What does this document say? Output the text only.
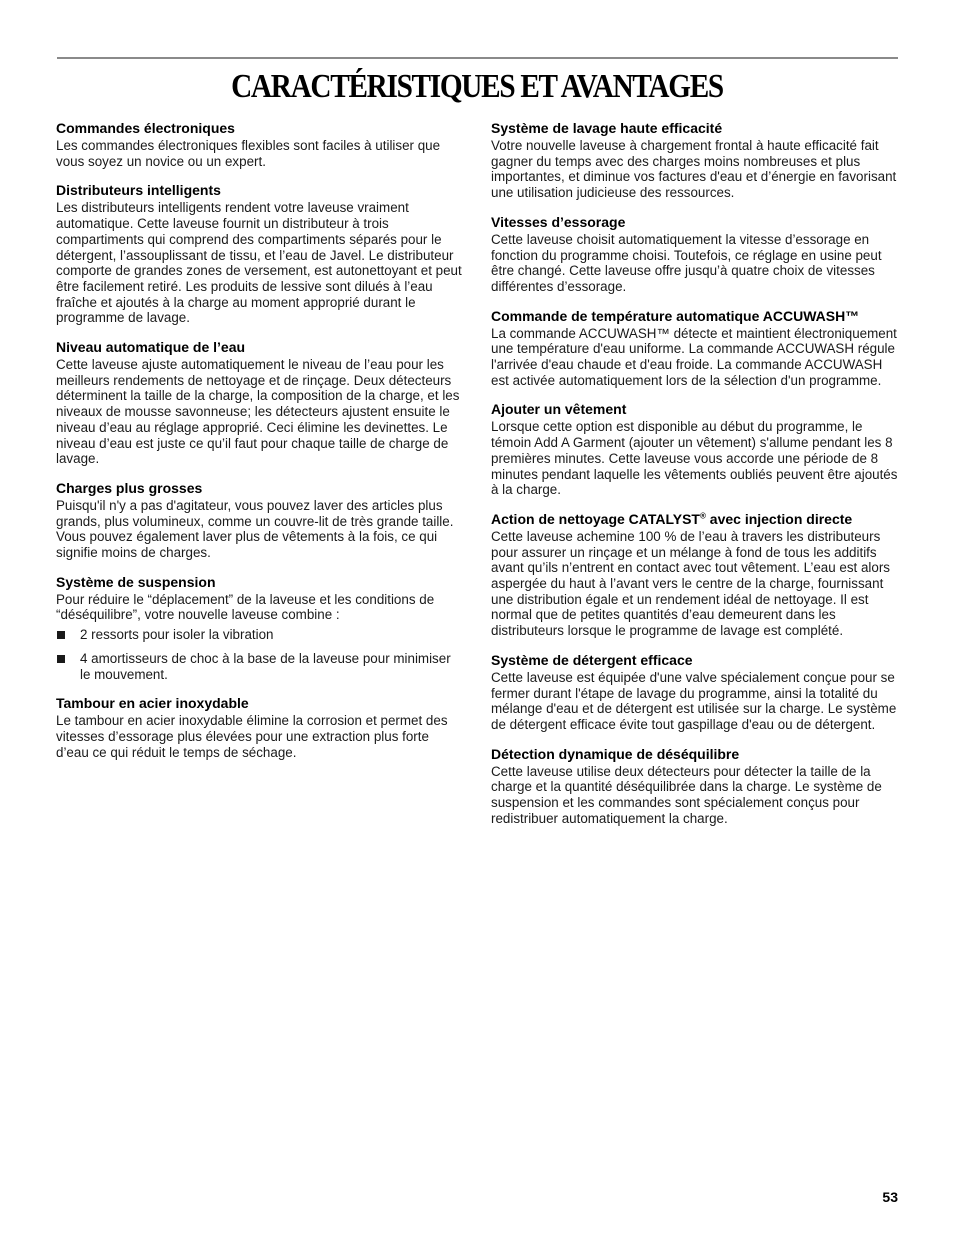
CARACTÉRISTIQUES ET AVANTAGES
Commandes électroniques

Les commandes électroniques flexibles sont faciles à utiliser que vous soyez un novice ou un expert.

Distributeurs intelligents

Les distributeurs intelligents rendent votre laveuse vraiment automatique. Cette laveuse fournit un distributeur à trois compartiments qui comprend des compartiments séparés pour le détergent, l’assouplissant de tissu, et l’eau de Javel. Le distributeur comporte de grandes zones de versement, est autonettoyant et peut être facilement retiré. Les produits de lessive sont dilués à l’eau fraîche et ajoutés à la charge au moment approprié durant le programme de lavage.

Niveau automatique de l’eau

Cette laveuse ajuste automatiquement le niveau de l’eau pour les meilleurs rendements de nettoyage et de rinçage. Deux détecteurs déterminent la taille de la charge, la composition de la charge, et les niveaux de mousse savonneuse; les détecteurs ajustent ensuite le niveau d’eau au réglage approprié. Ceci élimine les devinettes. Le niveau d’eau est juste ce qu’il faut pour chaque taille de charge de lavage.

Charges plus grosses

Puisqu'il n'y a pas d'agitateur, vous pouvez laver des articles plus grands, plus volumineux, comme un couvre-lit de très grande taille. Vous pouvez également laver plus de vêtements à la fois, ce qui signifie moins de charges.

Système de suspension

Pour réduire le “déplacement” de la laveuse et les conditions de “déséquilibre”, votre nouvelle laveuse combine :

2 ressorts pour isoler la vibration
4 amortisseurs de choc à la base de la laveuse pour minimiser le mouvement.
Tambour en acier inoxydable

Le tambour en acier inoxydable élimine la corrosion et permet des vitesses d’essorage plus élevées pour une extraction plus forte d’eau ce qui réduit le temps de séchage.

Système de lavage haute efficacité

Votre nouvelle laveuse à chargement frontal à haute efficacité fait gagner du temps avec des charges moins nombreuses et plus importantes, et diminue vos factures d'eau et d’énergie en favorisant une utilisation judicieuse des ressources.

Vitesses d’essorage

Cette laveuse choisit automatiquement la vitesse d’essorage en fonction du programme choisi. Toutefois, ce réglage en usine peut être changé. Cette laveuse offre jusqu’à quatre choix de vitesses différentes d’essorage.

Commande de température automatique ACCUWASH™

La commande ACCUWASH™ détecte et maintient électroniquement une température d'eau uniforme. La commande ACCUWASH régule l'arrivée d'eau chaude et d'eau froide. La commande ACCUWASH est activée automatiquement lors de la sélection d'un programme.

Ajouter un vêtement

Lorsque cette option est disponible au début du programme, le témoin Add A Garment (ajouter un vêtement) s'allume pendant les 8 premières minutes. Cette laveuse vous accorde une période de 8 minutes pendant laquelle les vêtements oubliés peuvent être ajoutés à la charge.

Action de nettoyage CATALYST® avec injection directe

Cette laveuse achemine 100 % de l’eau à travers les distributeurs pour assurer un rinçage et un mélange à fond de tous les additifs avant qu’ils n’entrent en contact avec tout vêtement. L’eau est alors aspergée du haut à l’avant vers le centre de la charge, fournissant une distribution égale et un rendement idéal de nettoyage. Il est normal que de petites quantités d’eau demeurent dans les distributeurs lorsque le programme de lavage est complété.

Système de détergent efficace

Cette laveuse est équipée d'une valve spécialement conçue pour se fermer durant l'étape de lavage du programme, ainsi la totalité du mélange d'eau et de détergent est utilisée sur la charge. Le système de détergent efficace évite tout gaspillage d'eau ou de détergent.

Détection dynamique de déséquilibre

Cette laveuse utilise deux détecteurs pour détecter la taille de la charge et la quantité déséquilibrée dans la charge. Le système de suspension et les commandes sont spécialement conçus pour redistribuer automatiquement la charge.

53
